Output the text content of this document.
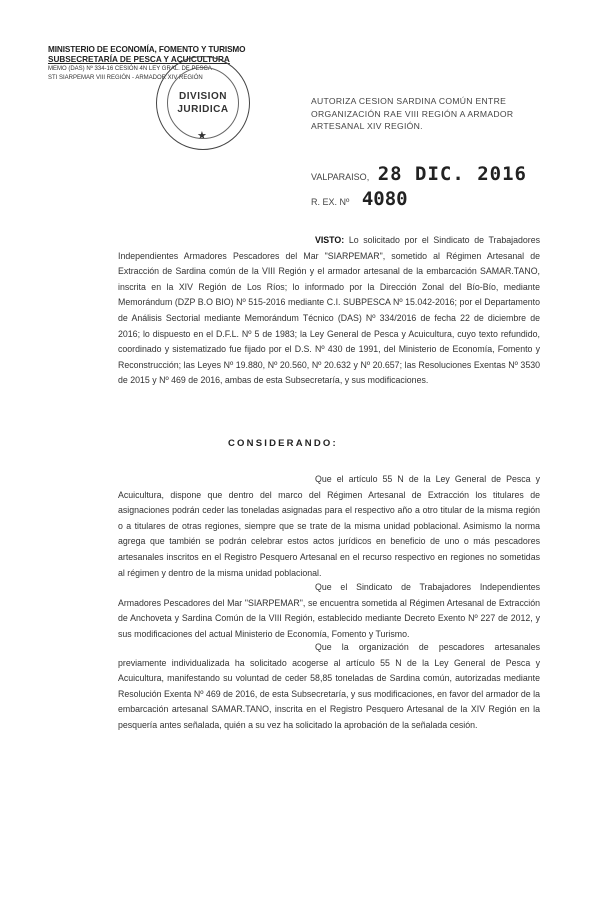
MINISTERIO DE ECONOMÍA, FOMENTO Y TURISMO
SUBSECRETARÍA DE PESCA Y ACUICULTURA
MEMO (DAS) Nº 334-16 CESIÓN 4N LEY GRAL. DE PESCA
STI SIARPEMAR VIII REGIÓN - ARMADOR XIV REGIÓN
DIVISION
JURIDICA
★
AUTORIZA CESION SARDINA COMÚN ENTRE
ORGANIZACIÓN RAE VIII REGIÓN A ARMADOR
ARTESANAL XIV REGIÓN.
VALPARAISO, 28 DIC. 2016
R. EX. Nº 4080
VISTO: Lo solicitado por el Sindicato de Trabajadores Independientes Armadores Pescadores del Mar "SIARPEMAR", sometido al Régimen Artesanal de Extracción de Sardina común de la VIII Región y el armador artesanal de la embarcación SAMAR.TANO, inscrita en la XIV Región de Los Ríos; lo informado por la Dirección Zonal del Bío-Bío, mediante Memorándum (DZP B.O BIO) Nº 515-2016 mediante C.I. SUBPESCA Nº 15.042-2016; por el Departamento de Análisis Sectorial mediante Memorándum Técnico (DAS) Nº 334/2016 de fecha 22 de diciembre de 2016; lo dispuesto en el D.F.L. Nº 5 de 1983; la Ley General de Pesca y Acuicultura, cuyo texto refundido, coordinado y sistematizado fue fijado por el D.S. Nº 430 de 1991, del Ministerio de Economía, Fomento y Reconstrucción; las Leyes Nº 19.880, Nº 20.560, Nº 20.632 y Nº 20.657; las Resoluciones Exentas Nº 3530 de 2015 y Nº 469 de 2016, ambas de esta Subsecretaría, y sus modificaciones.
CONSIDERANDO:
Que el artículo 55 N de la Ley General de Pesca y Acuicultura, dispone que dentro del marco del Régimen Artesanal de Extracción los titulares de asignaciones podrán ceder las toneladas asignadas para el respectivo año a otro titular de la misma región o a titulares de otras regiones, siempre que se trate de la misma unidad poblacional. Asimismo la norma agrega que también se podrán celebrar estos actos jurídicos en beneficio de uno o más pescadores artesanales inscritos en el Registro Pesquero Artesanal en el recurso respectivo en regiones no sometidas al régimen y dentro de la misma unidad poblacional.
Que el Sindicato de Trabajadores Independientes Armadores Pescadores del Mar "SIARPEMAR", se encuentra sometida al Régimen Artesanal de Extracción de Anchoveta y Sardina Común de la VIII Región, establecido mediante Decreto Exento Nº 227 de 2012, y sus modificaciones del actual Ministerio de Economía, Fomento y Turismo.
Que la organización de pescadores artesanales previamente individualizada ha solicitado acogerse al artículo 55 N de la Ley General de Pesca y Acuicultura, manifestando su voluntad de ceder 58,85 toneladas de Sardina común, autorizadas mediante Resolución Exenta Nº 469 de 2016, de esta Subsecretaría, y sus modificaciones, en favor del armador de la embarcación artesanal SAMAR.TANO, inscrita en el Registro Pesquero Artesanal de la XIV Región en la pesquería antes señalada, quién a su vez ha solicitado la aprobación de la señalada cesión.
